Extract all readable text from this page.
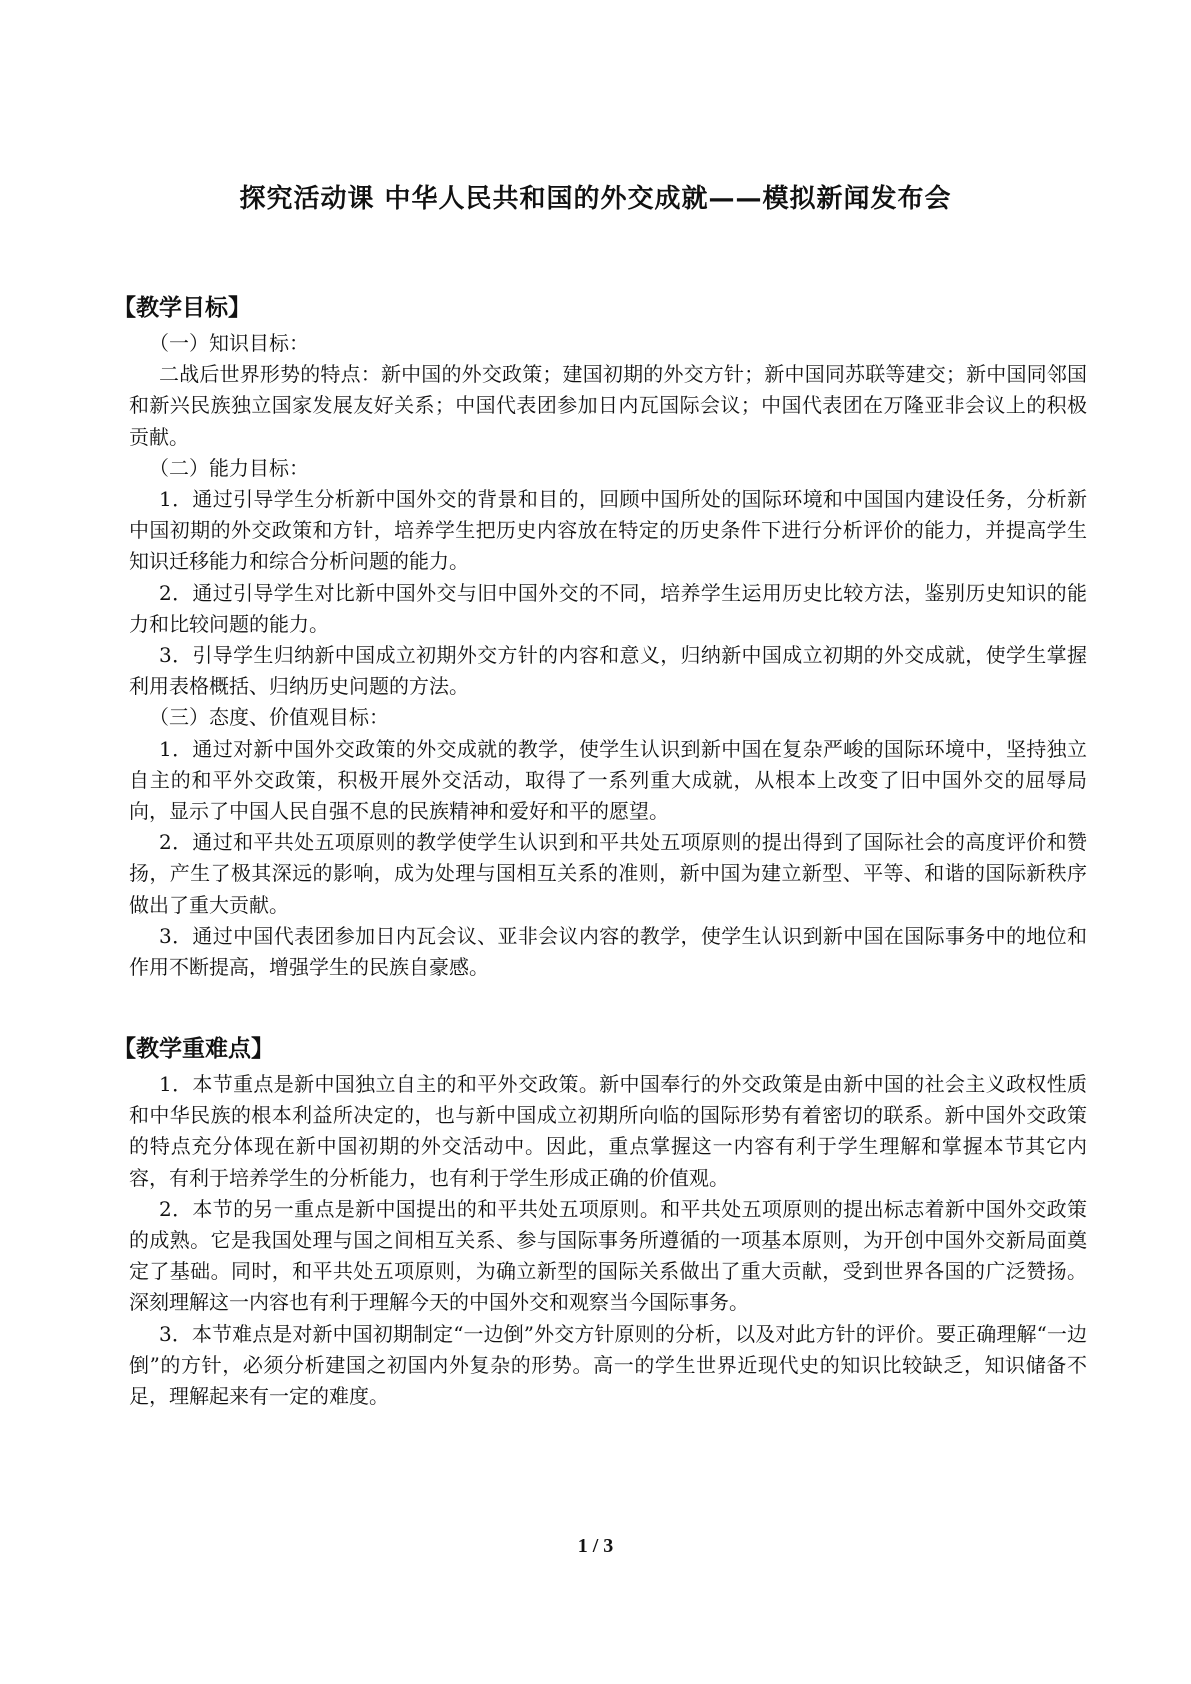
探究活动课 中华人民共和国的外交成就——模拟新闻发布会
【教学目标】

（一）知识目标：

二战后世界形势的特点：新中国的外交政策；建国初期的外交方针；新中国同苏联等建交；新中国同邻国和新兴民族独立国家发展友好关系；中国代表团参加日内瓦国际会议；中国代表团在万隆亚非会议上的积极贡献。

（二）能力目标：

1．通过引导学生分析新中国外交的背景和目的，回顾中国所处的国际环境和中国国内建设任务，分析新中国初期的外交政策和方针，培养学生把历史内容放在特定的历史条件下进行分析评价的能力，并提高学生知识迁移能力和综合分析问题的能力。

2．通过引导学生对比新中国外交与旧中国外交的不同，培养学生运用历史比较方法，鉴别历史知识的能力和比较问题的能力。

3．引导学生归纳新中国成立初期外交方针的内容和意义，归纳新中国成立初期的外交成就，使学生掌握利用表格概括、归纳历史问题的方法。

（三）态度、价值观目标：

1．通过对新中国外交政策的外交成就的教学，使学生认识到新中国在复杂严峻的国际环境中，坚持独立自主的和平外交政策，积极开展外交活动，取得了一系列重大成就，从根本上改变了旧中国外交的屈辱局向，显示了中国人民自强不息的民族精神和爱好和平的愿望。

2．通过和平共处五项原则的教学使学生认识到和平共处五项原则的提出得到了国际社会的高度评价和赞扬，产生了极其深远的影响，成为处理与国相互关系的准则，新中国为建立新型、平等、和谐的国际新秩序做出了重大贡献。

3．通过中国代表团参加日内瓦会议、亚非会议内容的教学，使学生认识到新中国在国际事务中的地位和作用不断提高，增强学生的民族自豪感。

【教学重难点】

1．本节重点是新中国独立自主的和平外交政策。新中国奉行的外交政策是由新中国的社会主义政权性质和中华民族的根本利益所决定的，也与新中国成立初期所向临的国际形势有着密切的联系。新中国外交政策的特点充分体现在新中国初期的外交活动中。因此，重点掌握这一内容有利于学生理解和掌握本节其它内容，有利于培养学生的分析能力，也有利于学生形成正确的价值观。

2．本节的另一重点是新中国提出的和平共处五项原则。和平共处五项原则的提出标志着新中国外交政策的成熟。它是我国处理与国之间相互关系、参与国际事务所遵循的一项基本原则，为开创中国外交新局面奠定了基础。同时，和平共处五项原则，为确立新型的国际关系做出了重大贡献，受到世界各国的广泛赞扬。深刻理解这一内容也有利于理解今天的中国外交和观察当今国际事务。

3．本节难点是对新中国初期制定“一边倒”外交方针原则的分析，以及对此方针的评价。要正确理解“一边倒”的方针，必须分析建国之初国内外复杂的形势。高一的学生世界近现代史的知识比较缺乏，知识储备不足，理解起来有一定的难度。

1 / 3
